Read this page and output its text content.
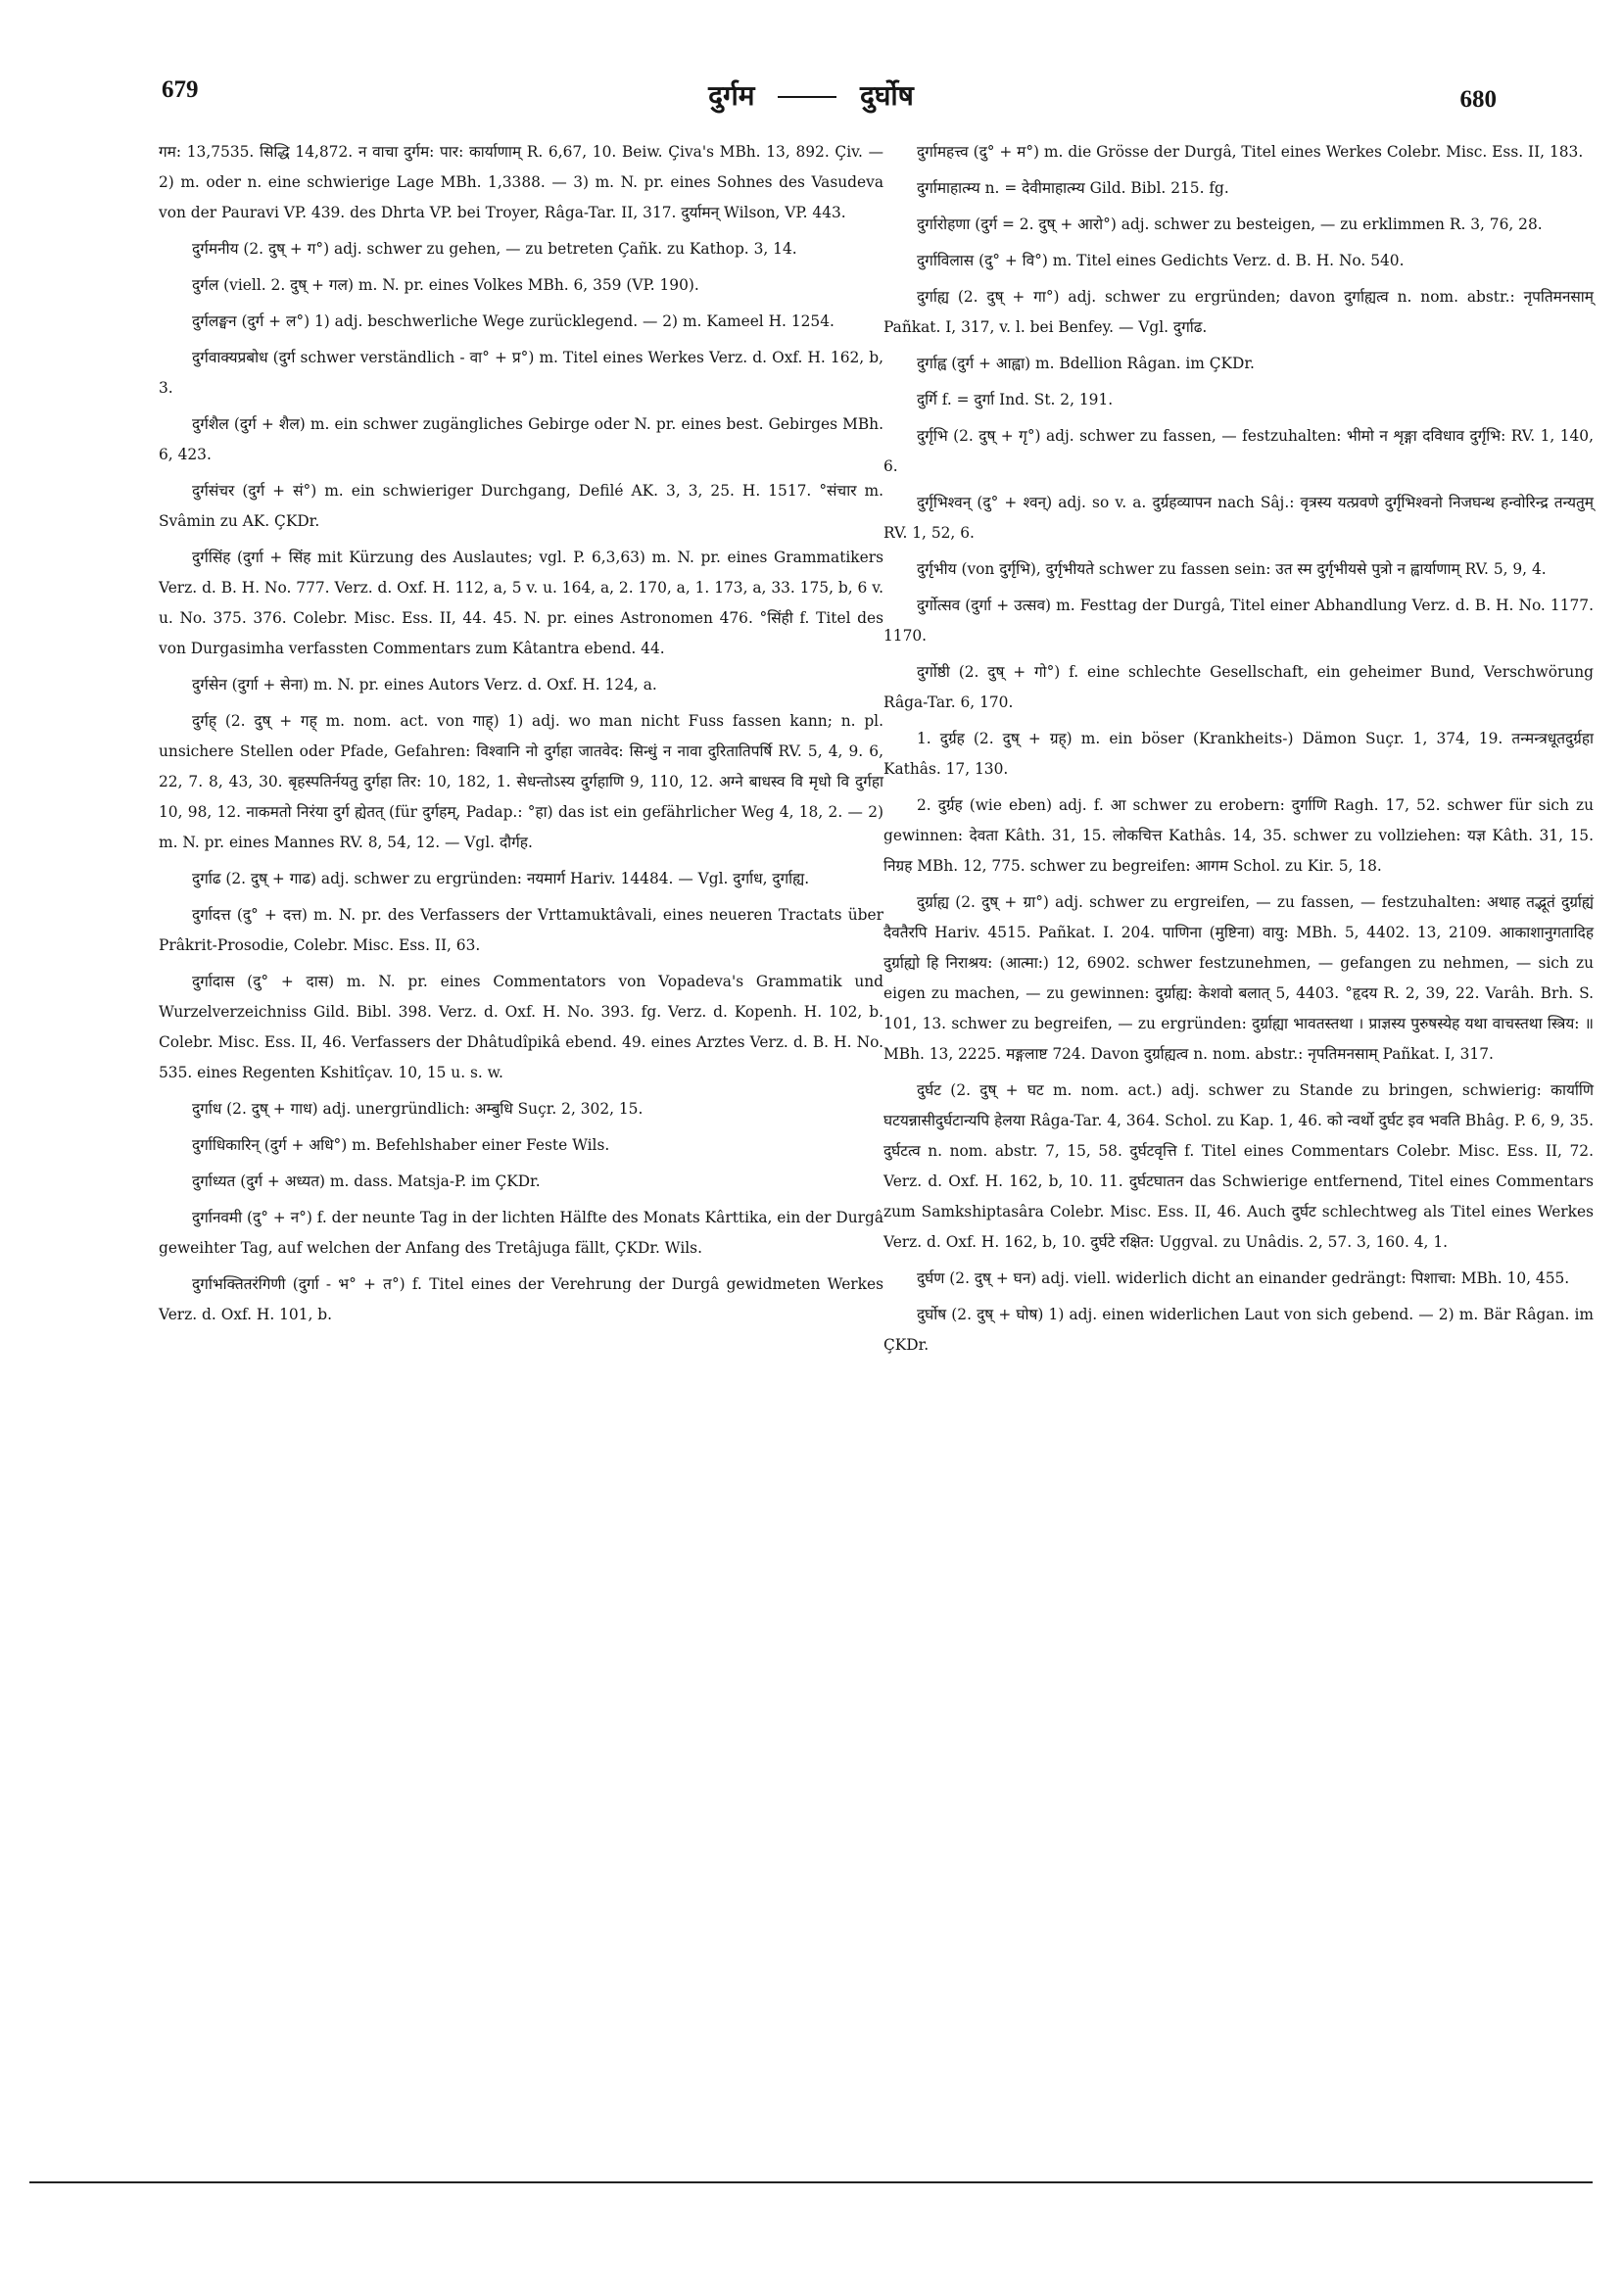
679	दुर्गम	दुर्घोष	680

गम: 13,7535. सिद्धि 14,872. न वाचा दुर्गम: पार: कार्याणाम् R. 6,67, 10. Beiw. Çiva's MBh. 13, 892. Çiv. — 2) m. oder n. eine schwierige Lage MBh. 1,3388. — 3) m. N. pr. eines Sohnes des Vasudeva von der Pauravi VP. 439. des Dhrta VP. bei Troyer, Râga-Tar. II, 317. दुर्यामन् Wilson, VP. 443.

दुर्गमनीय (2. दुष् + ग°) adj. schwer zu gehen, — zu betreten Çañk. zu Kathop. 3, 14.

दुर्गल (viell. 2. दुष् + गल) m. N. pr. eines Volkes MBh. 6, 359 (VP. 190).

दुर्गलङ्घन (दुर्ग + ल°) 1) adj. beschwerliche Wege zurücklegend. — 2) m. Kameel H. 1254.

दुर्गवाक्यप्रबोध (दुर्ग schwer verständlich - वा° + प्र°) m. Titel eines Werkes Verz. d. Oxf. H. 162, b, 3.

दुर्गशैल (दुर्ग + शैल) m. ein schwer zugängliches Gebirge oder N. pr. eines best. Gebirges MBh. 6, 423.

दुर्गसंचर (दुर्ग + सं°) m. ein schwieriger Durchgang, Defilé AK. 3, 3, 25. H. 1517. °संचार m. Svâmin zu AK. ÇKDr.

दुर्गसिंह (दुर्गा + सिंह mit Kürzung des Auslautes; vgl. P. 6,3,63) m. N. pr. eines Grammatikers Verz. d. B. H. No. 777. Verz. d. Oxf. H. 112, a, 5 v. u. 164, a, 2. 170, a, 1. 173, a, 33. 175, b, 6 v. u. No. 375. 376. Colebr. Misc. Ess. II, 44. 45. N. pr. eines Astronomen 476. °सिंही f. Titel des von Durgasimha verfassten Commentars zum Kâtantra ebend. 44.

दुर्गसेन (दुर्गा + सेना) m. N. pr. eines Autors Verz. d. Oxf. H. 124, a.

दुर्गह् (2. दुष् + गह् m. nom. act. von गाह्) 1) adj. wo man nicht Fuss fassen kann; n. pl. unsichere Stellen oder Pfade, Gefahren: विश्वानि नो दुर्गहा जातवेद: सिन्धुं न नावा दुरितातिपर्षि RV. 5, 4, 9. 6, 22, 7. 8, 43, 30. बृहस्पतिर्नयतु दुर्गहा तिर: 10, 182, 1. सेधन्तोऽस्य दुर्गहाणि 9, 110, 12. अग्ने बाधस्व वि मृधो वि दुर्गहा 10, 98, 12. नाकमतो निरंया दुर्ग ह्येतत् (für दुर्गहम्, Padap.: °हा) das ist ein gefährlicher Weg 4, 18, 2. — 2) m. N. pr. eines Mannes RV. 8, 54, 12. — Vgl. दौर्गह.

दुर्गाढ (2. दुष् + गाढ) adj. schwer zu ergründen: नयमार्ग Hariv. 14484. — Vgl. दुर्गाध, दुर्गाह्य.

दुर्गादत्त (दु° + दत्त) m. N. pr. des Verfassers der Vrttamuktâvali, eines neueren Tractats über Prâkrit-Prosodie, Colebr. Misc. Ess. II, 63.

दुर्गादास (दु° + दास) m. N. pr. eines Commentators von Vopadeva's Grammatik und Wurzelverzeichniss Gild. Bibl. 398. Verz. d. Oxf. H. No. 393. fg. Verz. d. Kopenh. H. 102, b. Colebr. Misc. Ess. II, 46. Verfassers der Dhâtudîpikâ ebend. 49. eines Arztes Verz. d. B. H. No. 535. eines Regenten Kshitîçav. 10, 15 u. s. w.

दुर्गाध (2. दुष् + गाध) adj. unergründlich: अम्बुधि Suçr. 2, 302, 15.

दुर्गाधिकारिन् (दुर्ग + अधि°) m. Befehlshaber einer Feste Wils.

दुर्गाध्यत (दुर्ग + अध्यत) m. dass. Matsja-P. im ÇKDr.

दुर्गानवमी (दु° + न°) f. der neunte Tag in der lichten Hälfte des Monats Kârttika, ein der Durgâ geweihter Tag, auf welchen der Anfang des Tretâjuga fällt, ÇKDr. Wils.

दुर्गाभक्तितरंगिणी (दुर्गा - भ° + त°) f. Titel eines der Verehrung der Durgâ gewidmeten Werkes Verz. d. Oxf. H. 101, b.

दुर्गामहत्त्व (दु° + म°) m. die Grösse der Durgâ, Titel eines Werkes Colebr. Misc. Ess. II, 183.

दुर्गामाहात्म्य n. = देवीमाहात्म्य Gild. Bibl. 215. fg.

दुर्गारोहणा (दुर्ग = 2. दुष् + आरो°) adj. schwer zu besteigen, — zu erklimmen R. 3, 76, 28.

दुर्गाविलास (दु° + वि°) m. Titel eines Gedichts Verz. d. B. H. No. 540.

दुर्गाह्य (2. दुष् + गा°) adj. schwer zu ergründen; davon दुर्गाह्यत्व n. nom. abstr.: नृपतिमनसाम् Pañkat. I, 317, v. l. bei Benfey. — Vgl. दुर्गाढ.

दुर्गाह्व (दुर्ग + आह्वा) m. Bdellion Râgan. im ÇKDr.

दुर्गि f. = दुर्गा Ind. St. 2, 191.

दुर्गृभि (2. दुष् + गृ°) adj. schwer zu fassen, — festzuhalten: भीमो न शृङ्गा दविधाव दुर्गृभि: RV. 1, 140, 6.

दुर्गृभिश्वन् (दु° + श्वन्) adj. so v. a. दुर्ग्रहव्यापन nach Sâj.: वृत्रस्य यत्प्रवणे दुर्गृभिश्वनो निजघन्थ हन्वोरिन्द्र तन्यतुम् RV. 1, 52, 6.

दुर्गृभीय (von दुर्गृभि), दुर्गृभीयते schwer zu fassen sein: उत स्म दुर्गृभीयसे पुत्रो न ह्वार्याणाम् RV. 5, 9, 4.

दुर्गोत्सव (दुर्गा + उत्सव) m. Festtag der Durgâ, Titel einer Abhandlung Verz. d. B. H. No. 1177. 1170.

दुर्गोष्ठी (2. दुष् + गो°) f. eine schlechte Gesellschaft, ein geheimer Bund, Verschwörung Râga-Tar. 6, 170.

1. दुर्ग्रह (2. दुष् + ग्रह्) m. ein böser (Krankheits-) Dämon Suçr. 1, 374, 19. तन्मन्त्रधूतदुर्ग्रहा Kathâs. 17, 130.

2. दुर्ग्रह (wie eben) adj. f. आ schwer zu erobern: दुर्गाणि Ragh. 17, 52. schwer für sich zu gewinnen: देवता Kâth. 31, 15. लोकचित्त Kathâs. 14, 35. schwer zu vollziehen: यज्ञ Kâth. 31, 15. निग्रह MBh. 12, 775. schwer zu begreifen: आगम Schol. zu Kir. 5, 18.

दुर्ग्राह्य (2. दुष् + ग्रा°) adj. schwer zu ergreifen, — zu fassen, — festzuhalten: अथाह तद्भूतं दुर्ग्राह्यं दैवतैरपि Hariv. 4515. Pañkat. I. 204. पाणिना (मुष्टिना) वायु: MBh. 5, 4402. 13, 2109. आकाशानुगतादिह दुर्ग्राह्यो हि निराश्रय: (आत्मा:) 12, 6902. schwer festzunehmen, — gefangen zu nehmen, — sich zu eigen zu machen, — zu gewinnen: दुर्ग्राह्य: केशवो बलात् 5, 4403. °हृदय R. 2, 39, 22. Varâh. Brh. S. 101, 13. schwer zu begreifen, — zu ergründen: दुर्ग्राह्या भावतस्तथा । प्राज्ञस्य पुरुषस्येह यथा वाचस्तथा स्त्रिय: ॥ MBh. 13, 2225. मङ्गलाष्ट 724. Davon दुर्ग्राह्यत्व n. nom. abstr.: नृपतिमनसाम् Pañkat. I, 317.

दुर्घट (2. दुष् + घट m. nom. act.) adj. schwer zu Stande zu bringen, schwierig: कार्याणि घटयन्नासीदुर्घटान्यपि हेलया Râga-Tar. 4, 364. Schol. zu Kap. 1, 46. को न्वर्थो दुर्घट इव भवति Bhâg. P. 6, 9, 35. दुर्घटत्व n. nom. abstr. 7, 15, 58. दुर्घटवृत्ति f. Titel eines Commentars Colebr. Misc. Ess. II, 72. Verz. d. Oxf. H. 162, b, 10. 11. दुर्घटघातन das Schwierige entfernend, Titel eines Commentars zum Samkshiptasâra Colebr. Misc. Ess. II, 46. Auch दुर्घट schlechtweg als Titel eines Werkes Verz. d. Oxf. H. 162, b, 10. दुर्घटे रक्षित: Uggval. zu Unâdis. 2, 57. 3, 160. 4, 1.

दुर्घण (2. दुष् + घन) adj. viell. widerlich dicht an einander gedrängt: पिशाचा: MBh. 10, 455.

दुर्घोष (2. दुष् + घोष) 1) adj. einen widerlichen Laut von sich gebend. — 2) m. Bär Râgan. im ÇKDr.
